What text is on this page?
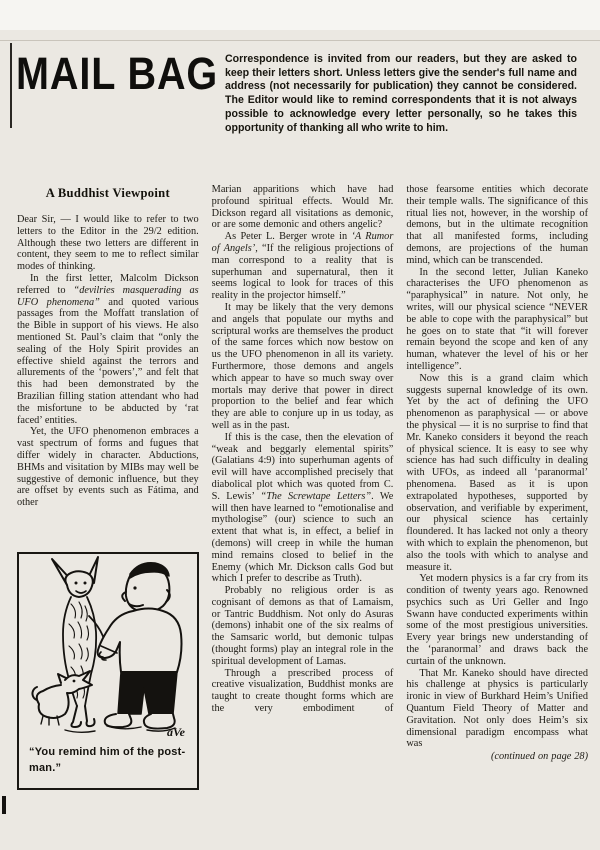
MAIL BAG Correspondence is invited from our readers, but they are asked to keep their letters short. Unless letters give the sender's full name and address (not necessarily for publication) they cannot be considered. The Editor would like to remind correspondents that it is not always possible to acknowledge every letter personally, so he takes this opportunity of thanking all who write to him.

A Buddhist Viewpoint

Dear Sir, — I would like to refer to two letters to the Editor in the 29/2 edition. Although these two letters are different in content, they seem to me to reflect similar modes of thinking.

In the first letter, Malcolm Dickson referred to “devilries masquerading as UFO phenomena” and quoted various passages from the Moffatt translation of the Bible in support of his views. He also mentioned St. Paul’s claim that “only the sealing of the Holy Spirit provides an effective shield against the terrors and allurements of the ‘powers’,” and felt that this had been demonstrated by the Brazilian filling station attendant who had the misfortune to be abducted by ‘rat faced’ entities.

Yet, the UFO phenomenon embraces a vast spectrum of forms and fugues that differ widely in character. Abductions, BHMs and visitation by MIBs may well be suggestive of demonic influence, but they are offset by events such as Fátima, and other

aVe
“You remind him of the post-
man.”

Marian apparitions which have had profound spiritual effects. Would Mr. Dickson regard all visitations as demonic, or are some demonic and others angelic?

As Peter L. Berger wrote in ‘A Rumor of Angels’, “If the religious projections of man correspond to a reality that is superhuman and supernatural, then it seems logical to look for traces of this reality in the projector himself.”

It may be likely that the very demons and angels that populate our myths and scriptural works are themselves the product of the same forces which now bestow on us the UFO phenomenon in all its variety. Furthermore, those demons and angels which appear to have so much sway over mortals may derive that power in direct proportion to the belief and fear which they are able to conjure up in us today, as well as in the past.

If this is the case, then the elevation of “weak and beggarly elemental spirits” (Galatians 4:9) into superhuman agents of evil will have accomplished precisely that diabolical plot which was quoted from C. S. Lewis’ “The Screwtape Letters”. We will then have learned to “emotionalise and mythologise” (our) science to such an extent that what is, in effect, a belief in (demons) will creep in while the human mind remains closed to belief in the Enemy (which Mr. Dickson calls God but which I prefer to describe as Truth).

Probably no religious order is as cognisant of demons as that of Lamaism, or Tantric Buddhism. Not only do Asuras (demons) inhabit one of the six realms of the Samsaric world, but demonic tulpas (thought forms) play an integral role in the spiritual development of Lamas.

Through a prescribed process of creative visualization, Buddhist monks are taught to create thought forms which are the very embodiment of

those fearsome entities which decorate their temple walls. The significance of this ritual lies not, however, in the worship of demons, but in the ultimate recognition that all manifested forms, including demons, are projections of the human mind, which can be transcended.

In the second letter, Julian Kaneko characterises the UFO phenomenon as “paraphysical” in nature. Not only, he writes, will our physical science “NEVER be able to cope with the paraphysical” but he goes on to state that “it will forever remain beyond the scope and ken of any human, whatever the level of his or her intelligence”.

Now this is a grand claim which suggests supernal knowledge of its own. Yet by the act of defining the UFO phenomenon as paraphysical — or above the physical — it is no surprise to find that Mr. Kaneko considers it beyond the reach of physical science. It is easy to see why science has had such difficulty in dealing with UFOs, as indeed all ‘paranormal’ phenomena. Based as it is upon extrapolated hypotheses, supported by observation, and verifiable by experiment, our physical science has certainly floundered. It has lacked not only a theory with which to explain the phenomenon, but also the tools with which to analyse and measure it.

Yet modern physics is a far cry from its condition of twenty years ago. Renowned psychics such as Uri Geller and Ingo Swann have conducted experiments within some of the most prestigious universities. Every year brings new understanding of the ‘paranormal’ and draws back the curtain of the unknown.

That Mr. Kaneko should have directed his challenge at physics is particularly ironic in view of Burkhard Heim’s Unified Quantum Field Theory of Matter and Gravitation. Not only does Heim’s six dimensional paradigm encompass what was

(continued on page 28)
